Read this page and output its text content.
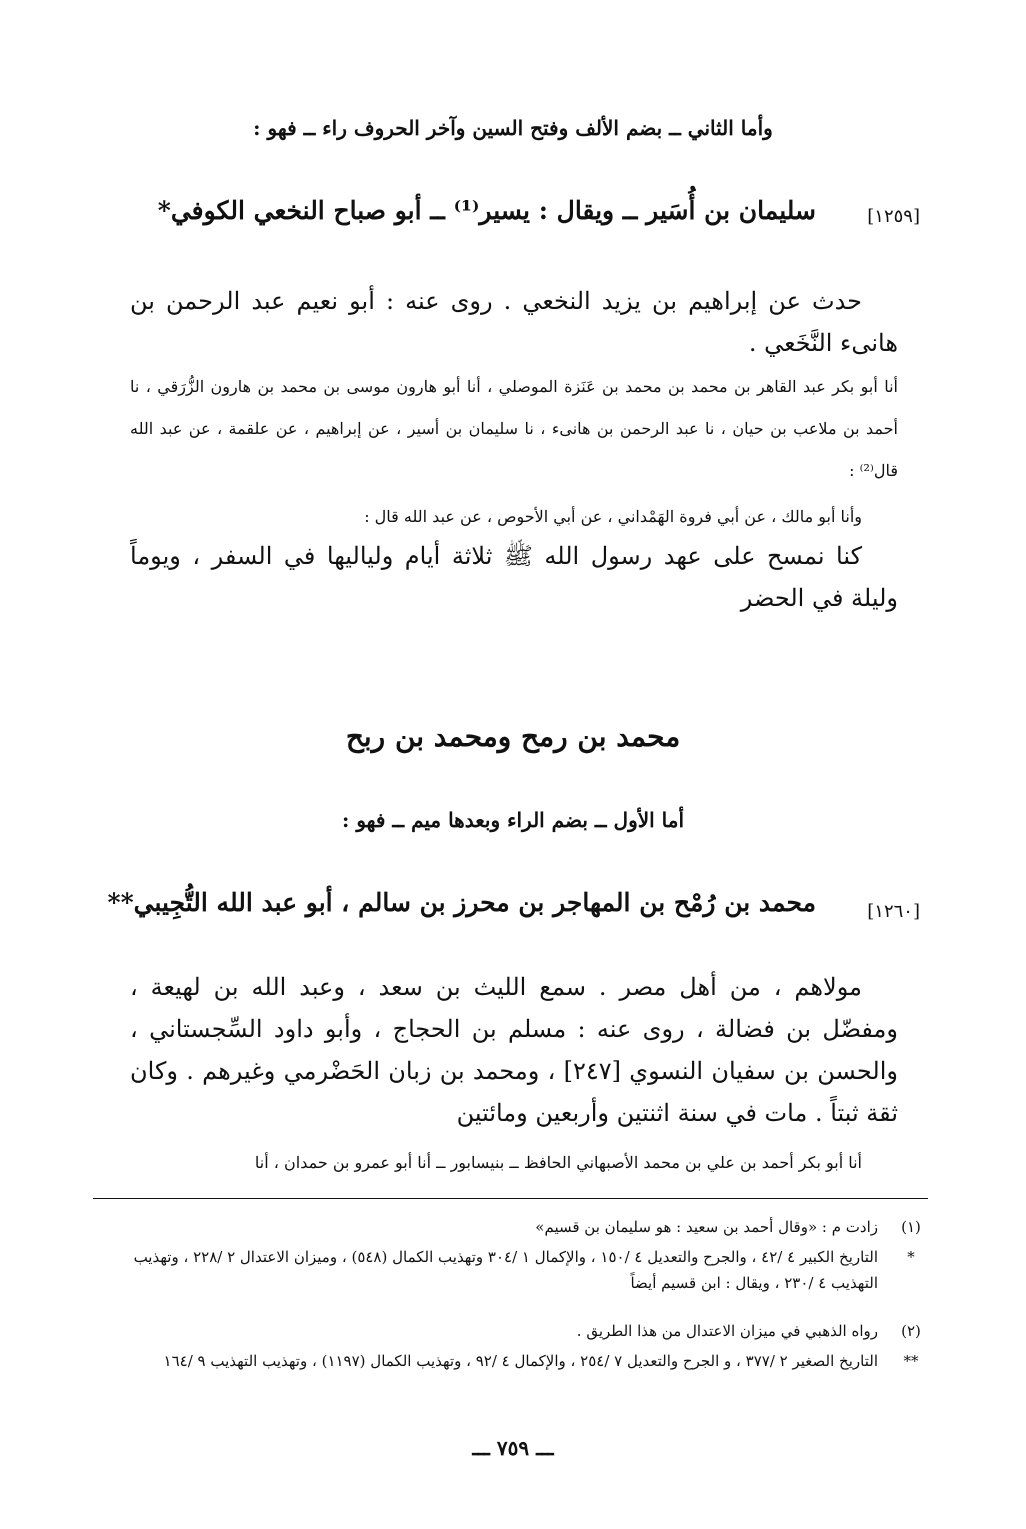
وأما الثاني ــ بضم الألف وفتح السين وآخر الحروف راء ــ فهو :

[١٢٥٩]

سليمان بن أُسَير ــ ويقال : يسير⁽¹⁾ ــ أبو صباح النخعي الكوفي*

حدث عن إبراهيم بن يزيد النخعي . روى عنه : أبو نعيم عبد الرحمن بن هانىء النَّخَعي .

أنا أبو بكر عبد القاهر بن محمد بن محمد بن عَنَزة الموصلي ، أنا أبو هارون موسى بن محمد بن هارون الزُّرَقي ، نا أحمد بن ملاعب بن حيان ، نا عبد الرحمن بن هانىء ، نا سليمان بن أسير ، عن إبراهيم ، عن علقمة ، عن عبد الله قال⁽²⁾ :

وأنا أبو مالك ، عن أبي فروة الهَمْداني ، عن أبي الأحوص ، عن عبد الله قال :

كنا نمسح على عهد رسول الله ﷺ ثلاثة أيام ولياليها في السفر ، ويوماً وليلة في الحضر

محمد بن رمح ومحمد بن ربح

أما الأول ــ بضم الراء وبعدها ميم ــ فهو :

[١٢٦٠]

محمد بن رُمْح بن المهاجر بن محرز بن سالم ، أبو عبد الله التُّجِيبي**

مولاهم ، من أهل مصر . سمع الليث بن سعد ، وعبد الله بن لهيعة ، ومفضّل بن فضالة ، روى عنه : مسلم بن الحجاج ، وأبو داود السِّجستاني ، والحسن بن سفيان النسوي [٢٤٧] ، ومحمد بن زبان الحَضْرمي وغيرهم . وكان ثقة ثبتاً . مات في سنة اثنتين وأربعين ومائتين

أنا أبو بكر أحمد بن علي بن محمد الأصبهاني الحافظ ــ بنيسابور ــ أنا أبو عمرو بن حمدان ، أنا

(١)
زادت م : «وقال أحمد بن سعيد : هو سليمان بن قسيم»
*
التاريخ الكبير ٤ /٤٢ ، والجرح والتعديل ٤ /١٥٠ ، والإكمال ١ /٣٠٤ وتهذيب الكمال (٥٤٨) ، وميزان الاعتدال ٢ /٢٢٨ ، وتهذيب التهذيب ٤ /٢٣٠ ، ويقال : ابن قسيم أيضاً
(٢)
رواه الذهبي في ميزان الاعتدال من هذا الطريق .
**
التاريخ الصغير ٢ /٣٧٧ ، و الجرح والتعديل ٧ /٢٥٤ ، والإكمال ٤ /٩٢ ، وتهذيب الكمال (١١٩٧) ، وتهذيب التهذيب ٩ /١٦٤
ـــ ٧٥٩ ـــ
